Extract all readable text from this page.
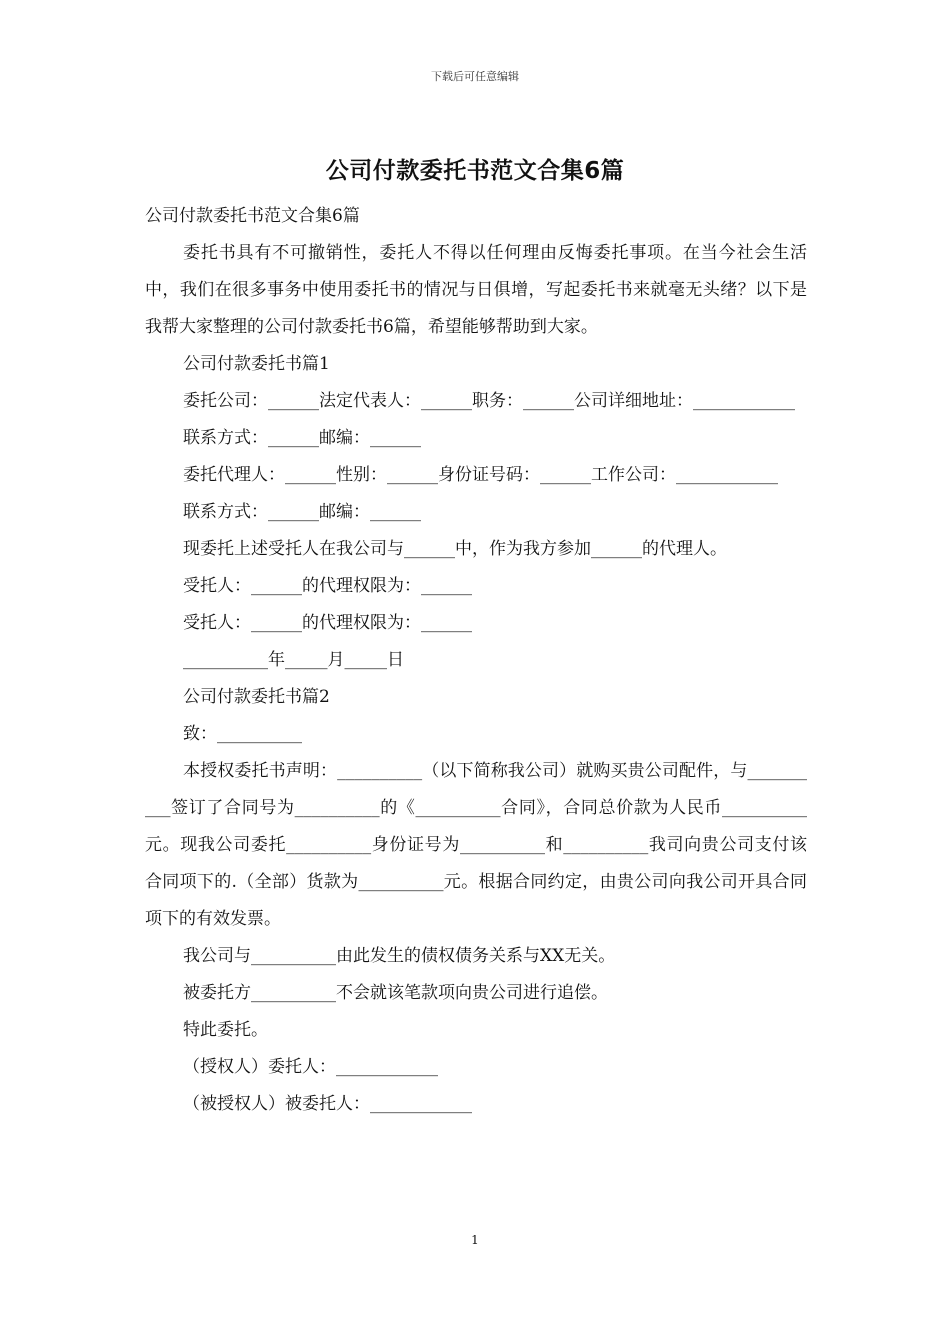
下载后可任意编辑
公司付款委托书范文合集6篇

公司付款委托书范文合集6篇

委托书具有不可撤销性，委托人不得以任何理由反悔委托事项。在当今社会生活中，我们在很多事务中使用委托书的情况与日俱增，写起委托书来就毫无头绪？以下是我帮大家整理的公司付款委托书6篇，希望能够帮助到大家。

公司付款委托书篇1

委托公司：______法定代表人：______职务：______公司详细地址：____________

联系方式：______邮编：______

委托代理人：______性别：______身份证号码：______工作公司：____________

联系方式：______邮编：______

现委托上述受托人在我公司与______中，作为我方参加______的代理人。

受托人：______的代理权限为：______

受托人：______的代理权限为：______

__________年_____月_____日

公司付款委托书篇2

致：__________

本授权委托书声明：__________（以下简称我公司）就购买贵公司配件，与__________签订了合同号为__________的《__________合同》，合同总价款为人民币__________元。现我公司委托__________身份证号为__________和__________我司向贵公司支付该合同项下的.（全部）货款为__________元。根据合同约定，由贵公司向我公司开具合同项下的有效发票。

我公司与__________由此发生的债权债务关系与XX无关。

被委托方__________不会就该笔款项向贵公司进行追偿。

特此委托。

（授权人）委托人：____________

（被授权人）被委托人：____________

1
